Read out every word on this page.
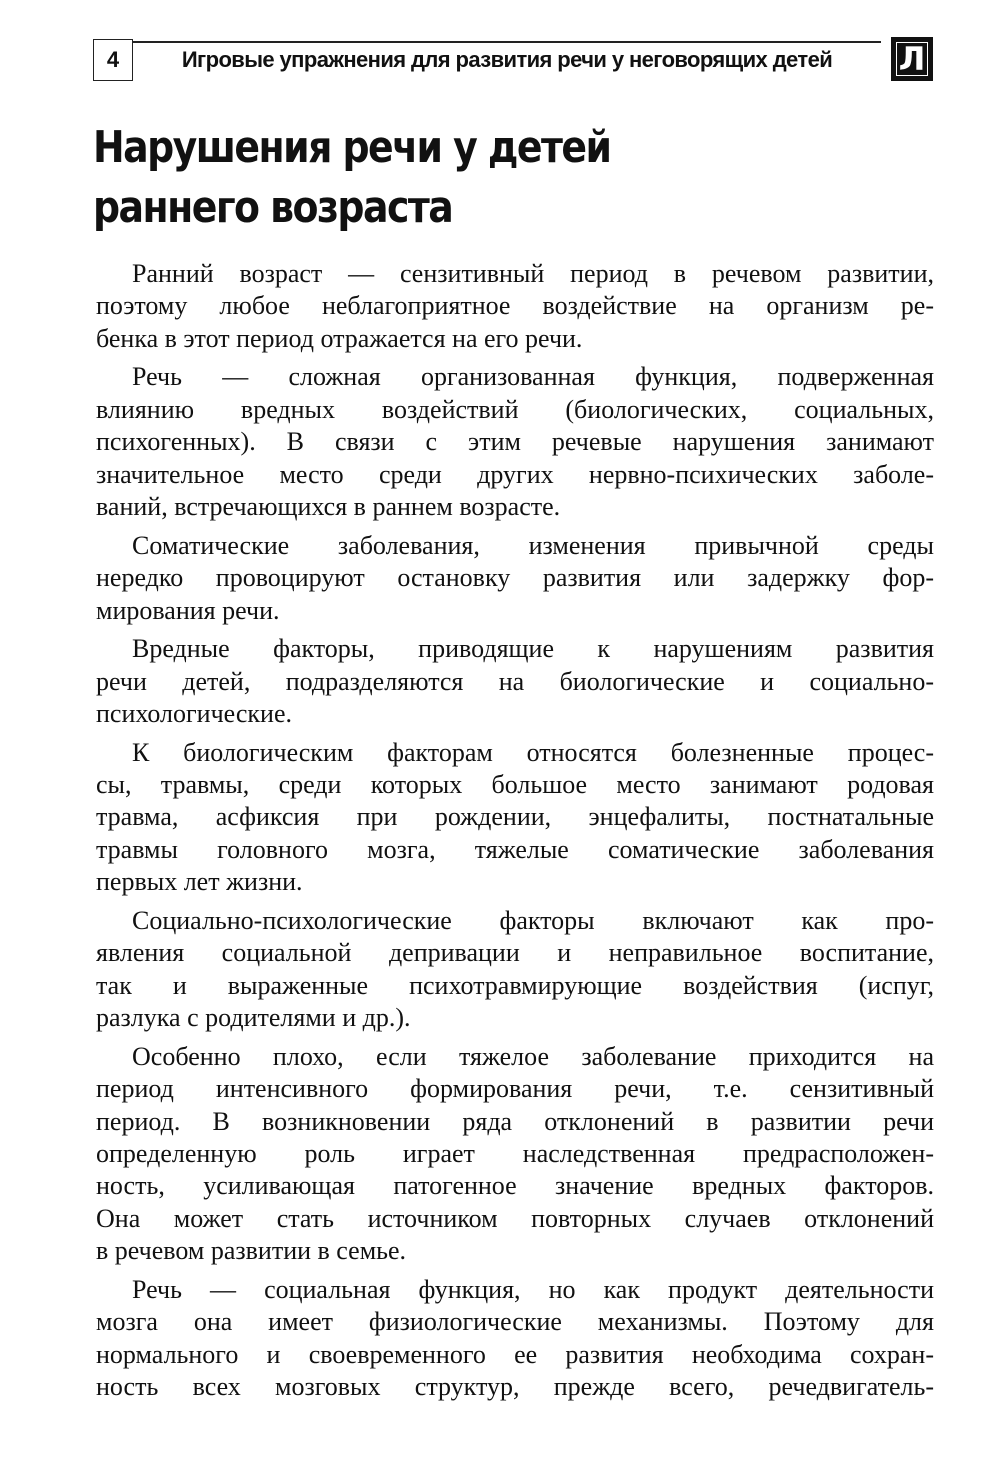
4	Игровые упражнения для развития речи у неговорящих детей	Л
Нарушения речи у детей
раннего возраста
Ранний возраст — сензитивный период в речевом развитии,
поэтому любое неблагоприятное воздействие на организм ре-
бенка в этот период отражается на его речи.
Речь — сложная организованная функция, подверженная
влиянию вредных воздействий (биологических, социальных,
психогенных). В связи с этим речевые нарушения занимают
значительное место среди других нервно-психических заболе-
ваний, встречающихся в раннем возрасте.
Соматические заболевания, изменения привычной среды
нередко провоцируют остановку развития или задержку фор-
мирования речи.
Вредные факторы, приводящие к нарушениям развития
речи детей, подразделяются на биологические и социально-
психологические.
К биологическим факторам относятся болезненные процес-
сы, травмы, среди которых большое место занимают родовая
травма, асфиксия при рождении, энцефалиты, постнатальные
травмы головного мозга, тяжелые соматические заболевания
первых лет жизни.
Социально-психологические факторы включают как про-
явления социальной депривации и неправильное воспитание,
так и выраженные психотравмирующие воздействия (испуг,
разлука с родителями и др.).
Особенно плохо, если тяжелое заболевание приходится на
период интенсивного формирования речи, т.е. сензитивный
период. В возникновении ряда отклонений в развитии речи
определенную роль играет наследственная предрасположен-
ность, усиливающая патогенное значение вредных факторов.
Она может стать источником повторных случаев отклонений
в речевом развитии в семье.
Речь — социальная функция, но как продукт деятельности
мозга она имеет физиологические механизмы. Поэтому для
нормального и своевременного ее развития необходима сохран-
ность всех мозговых структур, прежде всего, речедвигатель-
